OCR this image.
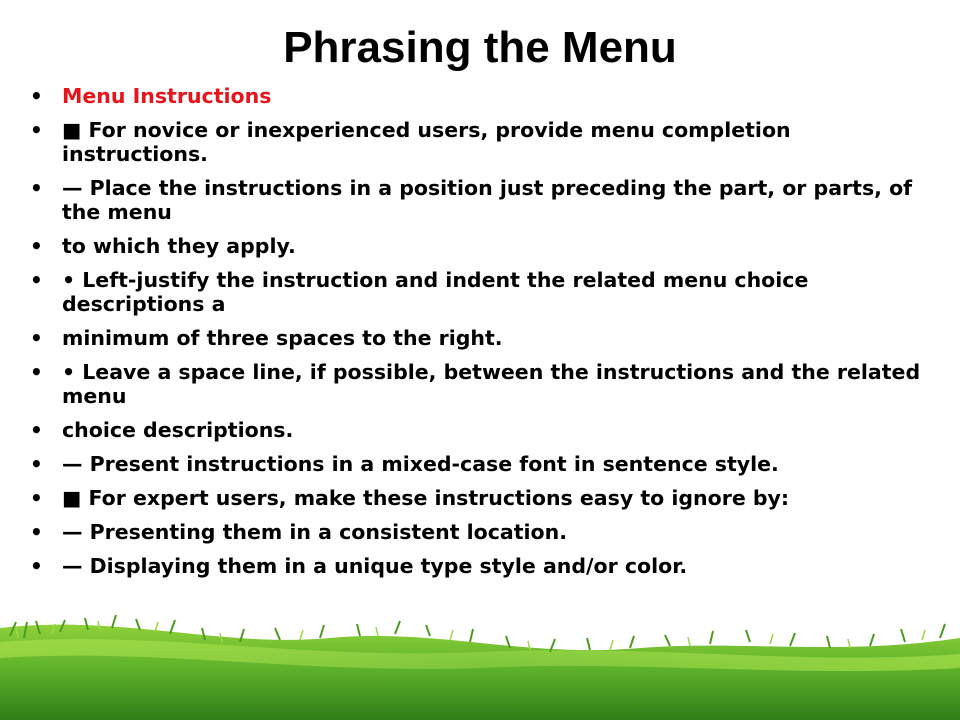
Phrasing the Menu
• Menu Instructions
• ■ For novice or inexperienced users, provide menu completion instructions.
• — Place the instructions in a position just preceding the part, or parts, of the menu
• to which they apply.
• • Left-justify the instruction and indent the related menu choice descriptions a
• minimum of three spaces to the right.
• • Leave a space line, if possible, between the instructions and the related menu
• choice descriptions.
• — Present instructions in a mixed-case font in sentence style.
• ■ For expert users, make these instructions easy to ignore by:
• — Presenting them in a consistent location.
• — Displaying them in a unique type style and/or color.
